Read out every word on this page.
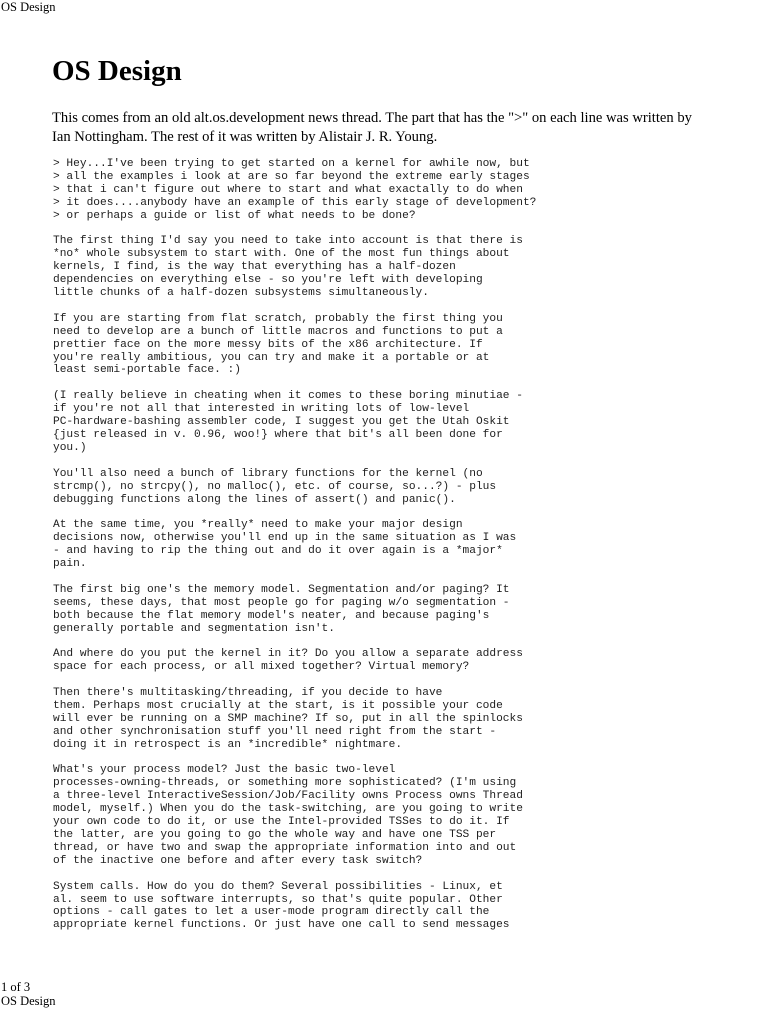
OS Design
OS Design

This comes from an old alt.os.development news thread. The part that has the ">" on each line was written by
Ian Nottingham. The rest of it was written by Alistair J. R. Young.

> Hey...I've been trying to get started on a kernel for awhile now, but
> all the examples i look at are so far beyond the extreme early stages
> that i can't figure out where to start and what exactally to do when
> it does....anybody have an example of this early stage of development?
> or perhaps a guide or list of what needs to be done?
The first thing I'd say you need to take into account is that there is
*no* whole subsystem to start with. One of the most fun things about
kernels, I find, is the way that everything has a half-dozen
dependencies on everything else - so you're left with developing
little chunks of a half-dozen subsystems simultaneously.
If you are starting from flat scratch, probably the first thing you
need to develop are a bunch of little macros and functions to put a
prettier face on the more messy bits of the x86 architecture. If
you're really ambitious, you can try and make it a portable or at
least semi-portable face. :)
(I really believe in cheating when it comes to these boring minutiae -
if you're not all that interested in writing lots of low-level
PC-hardware-bashing assembler code, I suggest you get the Utah Oskit
{just released in v. 0.96, woo!} where that bit's all been done for
you.)
You'll also need a bunch of library functions for the kernel (no
strcmp(), no strcpy(), no malloc(), etc. of course, so...?) - plus
debugging functions along the lines of assert() and panic().
At the same time, you *really* need to make your major design
decisions now, otherwise you'll end up in the same situation as I was
- and having to rip the thing out and do it over again is a *major*
pain.
The first big one's the memory model. Segmentation and/or paging? It
seems, these days, that most people go for paging w/o segmentation -
both because the flat memory model's neater, and because paging's
generally portable and segmentation isn't.
And where do you put the kernel in it? Do you allow a separate address
space for each process, or all mixed together? Virtual memory?
Then there's multitasking/threading, if you decide to have
them. Perhaps most crucially at the start, is it possible your code
will ever be running on a SMP machine? If so, put in all the spinlocks
and other synchronisation stuff you'll need right from the start -
doing it in retrospect is an *incredible* nightmare.
What's your process model? Just the basic two-level
processes-owning-threads, or something more sophisticated? (I'm using
a three-level InteractiveSession/Job/Facility owns Process owns Thread
model, myself.) When you do the task-switching, are you going to write
your own code to do it, or use the Intel-provided TSSes to do it. If
the latter, are you going to go the whole way and have one TSS per
thread, or have two and swap the appropriate information into and out
of the inactive one before and after every task switch?
System calls. How do you do them? Several possibilities - Linux, et
al. seem to use software interrupts, so that's quite popular. Other
options - call gates to let a user-mode program directly call the
appropriate kernel functions. Or just have one call to send messages
1 of 3
OS Design
